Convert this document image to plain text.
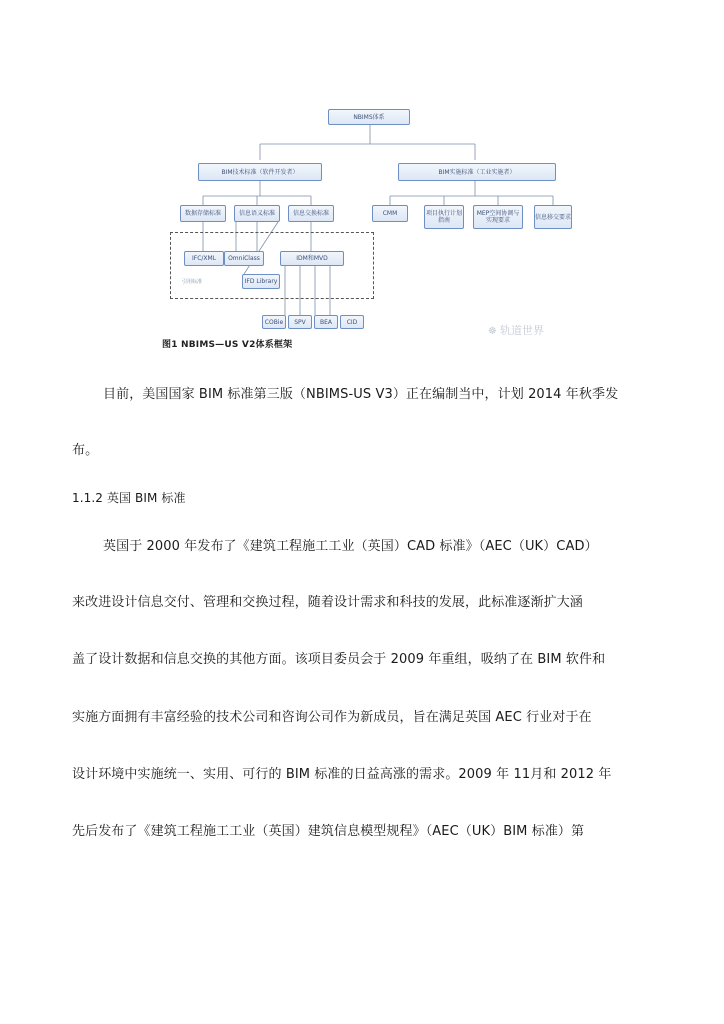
NBIMS体系
BIM技术标准（软件开发者）	BIM实施标准（工业实施者）
数据存储标准	信息语义标准	信息交换标准	CMM	项目执行计划指南
MEP空间协调与实现要求	信息移交要求
引用标准
IFC/XML	OmniClass
IFD Library
IDM和MVD
COBie	SPV	BEA	CID
☸ 轨道世界
图1 NBIMS—US V2体系框架
目前，美国国家 BIM 标准第三版（NBIMS-US V3）正在编制当中，计划 2014 年秋季发
布。
1.1.2 英国 BIM 标准
英国于 2000 年发布了《建筑工程施工工业（英国）CAD 标准》（AEC（UK）CAD）
来改进设计信息交付、管理和交换过程，随着设计需求和科技的发展，此标准逐渐扩大涵
盖了设计数据和信息交换的其他方面。该项目委员会于 2009 年重组，吸纳了在 BIM 软件和
实施方面拥有丰富经验的技术公司和咨询公司作为新成员，旨在满足英国 AEC 行业对于在
设计环境中实施统一、实用、可行的 BIM 标准的日益高涨的需求。2009 年 11月和 2012 年
先后发布了《建筑工程施工工业（英国）建筑信息模型规程》（AEC（UK）BIM 标准）第
